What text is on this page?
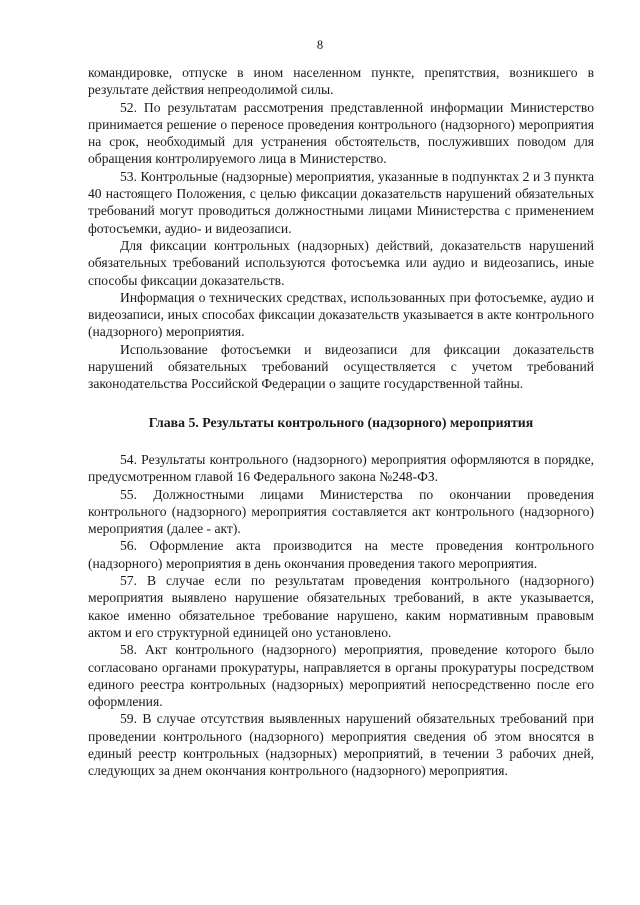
8

командировке, отпуске в ином населенном пункте, препятствия, возникшего в результате действия непреодолимой силы.

52. По результатам рассмотрения представленной информации Министерство принимается решение о переносе проведения контрольного (надзорного) мероприятия на срок, необходимый для устранения обстоятельств, послуживших поводом для обращения контролируемого лица в Министерство.

53. Контрольные (надзорные) мероприятия, указанные в подпунктах 2 и 3 пункта 40 настоящего Положения, с целью фиксации доказательств нарушений обязательных требований могут проводиться должностными лицами Министерства с применением фотосъемки, аудио- и видеозаписи.

Для фиксации контрольных (надзорных) действий, доказательств нарушений обязательных требований используются фотосъемка или аудио и видеозапись, иные способы фиксации доказательств.

Информация о технических средствах, использованных при фотосъемке, аудио и видеозаписи, иных способах фиксации доказательств указывается в акте контрольного (надзорного) мероприятия.

Использование фотосъемки и видеозаписи для фиксации доказательств нарушений обязательных требований осуществляется с учетом требований законодательства Российской Федерации о защите государственной тайны.

Глава 5. Результаты контрольного (надзорного) мероприятия

54. Результаты контрольного (надзорного) мероприятия оформляются в порядке, предусмотренном главой 16 Федерального закона №248-ФЗ.

55. Должностными лицами Министерства по окончании проведения контрольного (надзорного) мероприятия составляется акт контрольного (надзорного) мероприятия (далее - акт).

56. Оформление акта производится на месте проведения контрольного (надзорного) мероприятия в день окончания проведения такого мероприятия.

57. В случае если по результатам проведения контрольного (надзорного) мероприятия выявлено нарушение обязательных требований, в акте указывается, какое именно обязательное требование нарушено, каким нормативным правовым актом и его структурной единицей оно установлено.

58. Акт контрольного (надзорного) мероприятия, проведение которого было согласовано органами прокуратуры, направляется в органы прокуратуры посредством единого реестра контрольных (надзорных) мероприятий непосредственно после его оформления.

59. В случае отсутствия выявленных нарушений обязательных требований при проведении контрольного (надзорного) мероприятия сведения об этом вносятся в единый реестр контрольных (надзорных) мероприятий, в течении 3 рабочих дней, следующих за днем окончания контрольного (надзорного) мероприятия.
